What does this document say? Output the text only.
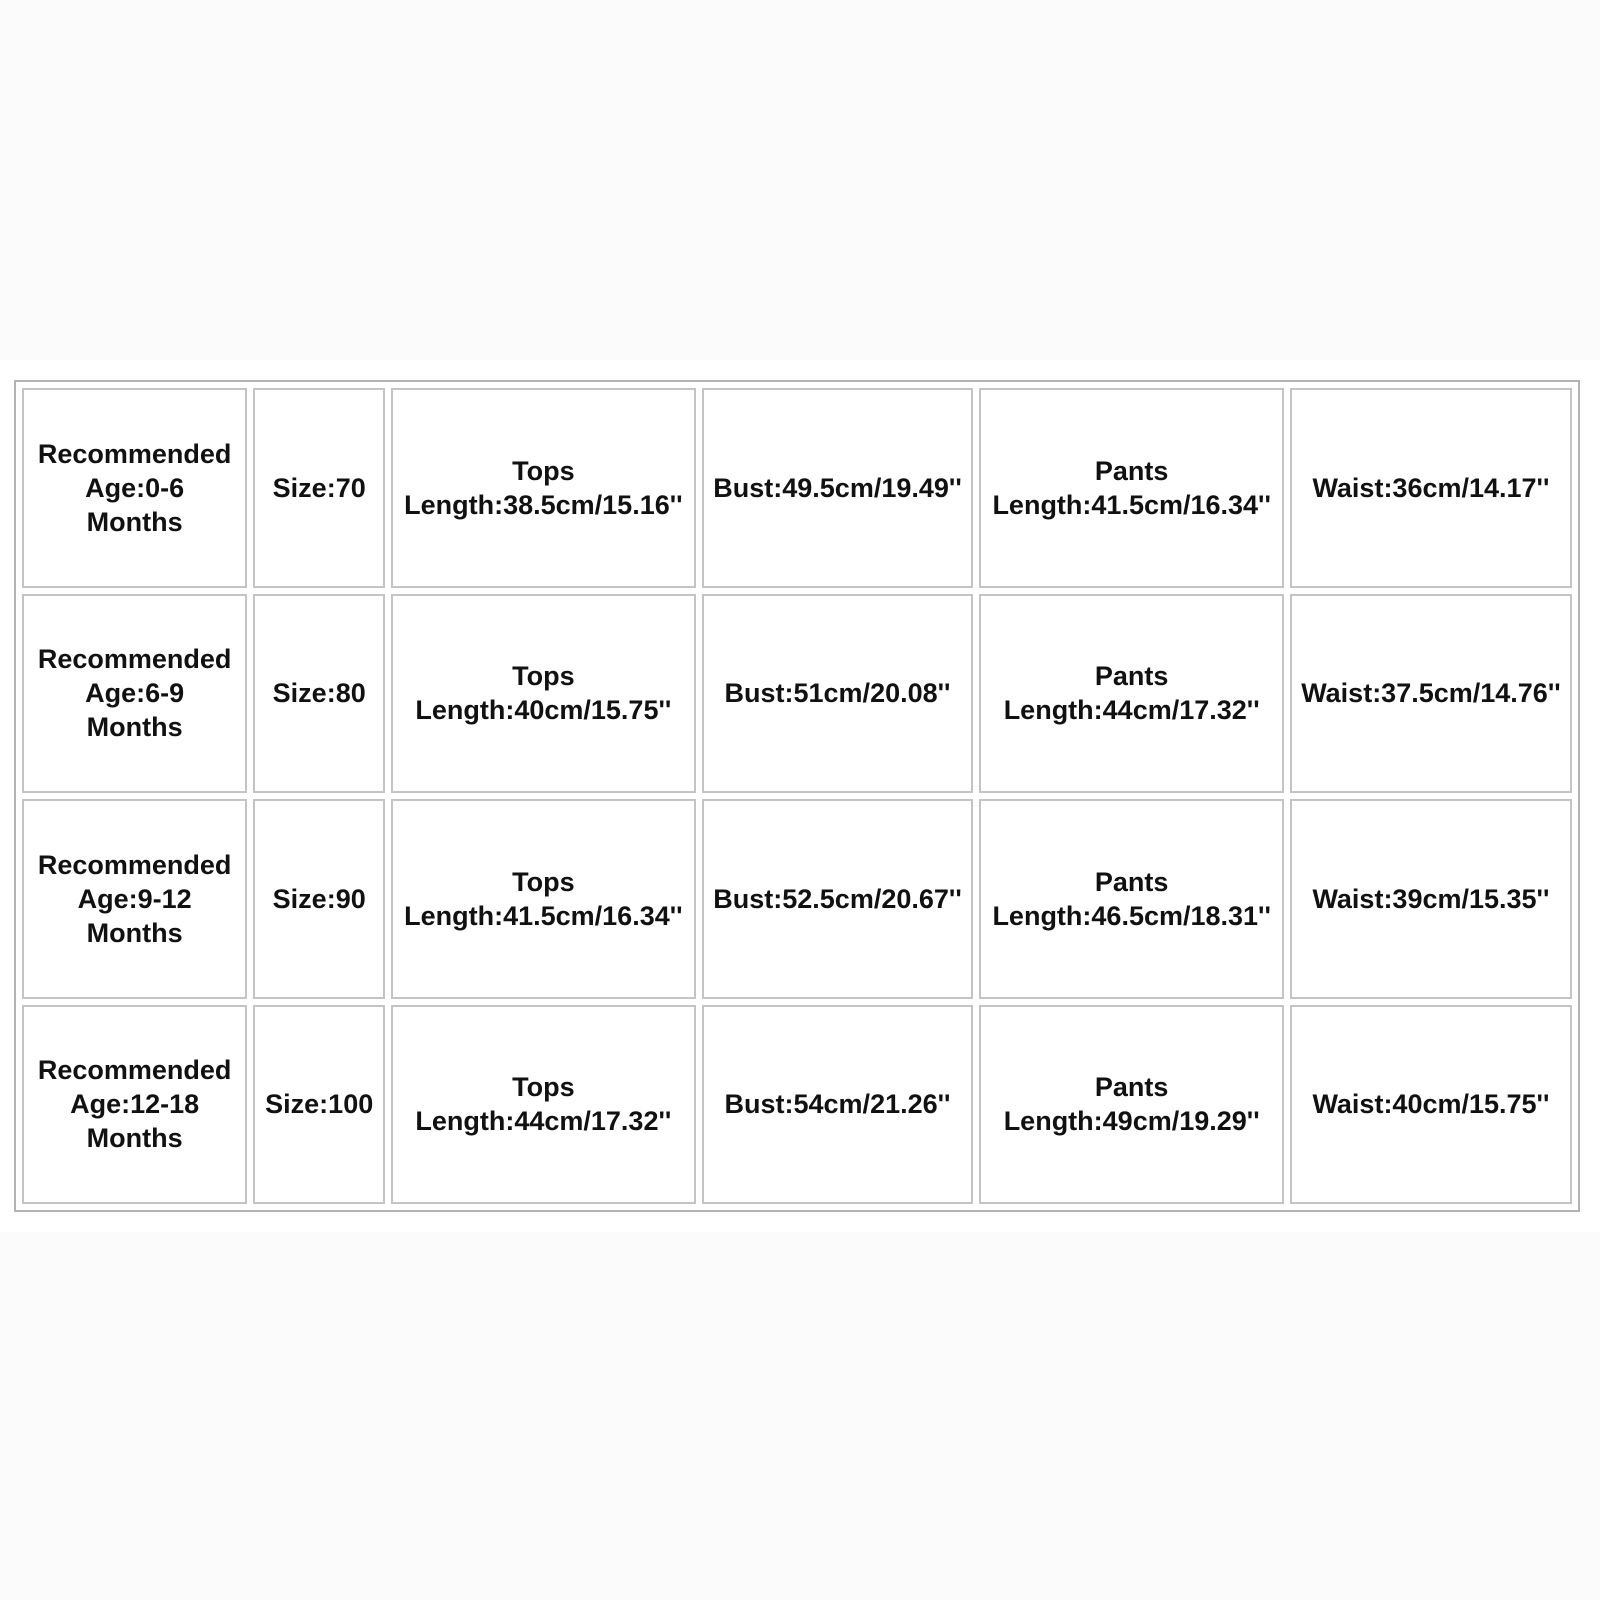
Recommended
Age:0-6
Months	Size:70	Tops
Length:38.5cm/15.16''	Bust:49.5cm/19.49''	Pants
Length:41.5cm/16.34''	Waist:36cm/14.17''

Recommended
Age:6-9
Months	Size:80	Tops
Length:40cm/15.75''	Bust:51cm/20.08''	Pants
Length:44cm/17.32''	Waist:37.5cm/14.76''

Recommended
Age:9-12
Months	Size:90	Tops
Length:41.5cm/16.34''	Bust:52.5cm/20.67''	Pants
Length:46.5cm/18.31''	Waist:39cm/15.35''

Recommended
Age:12-18
Months	Size:100	Tops
Length:44cm/17.32''	Bust:54cm/21.26''	Pants
Length:49cm/19.29''	Waist:40cm/15.75''
